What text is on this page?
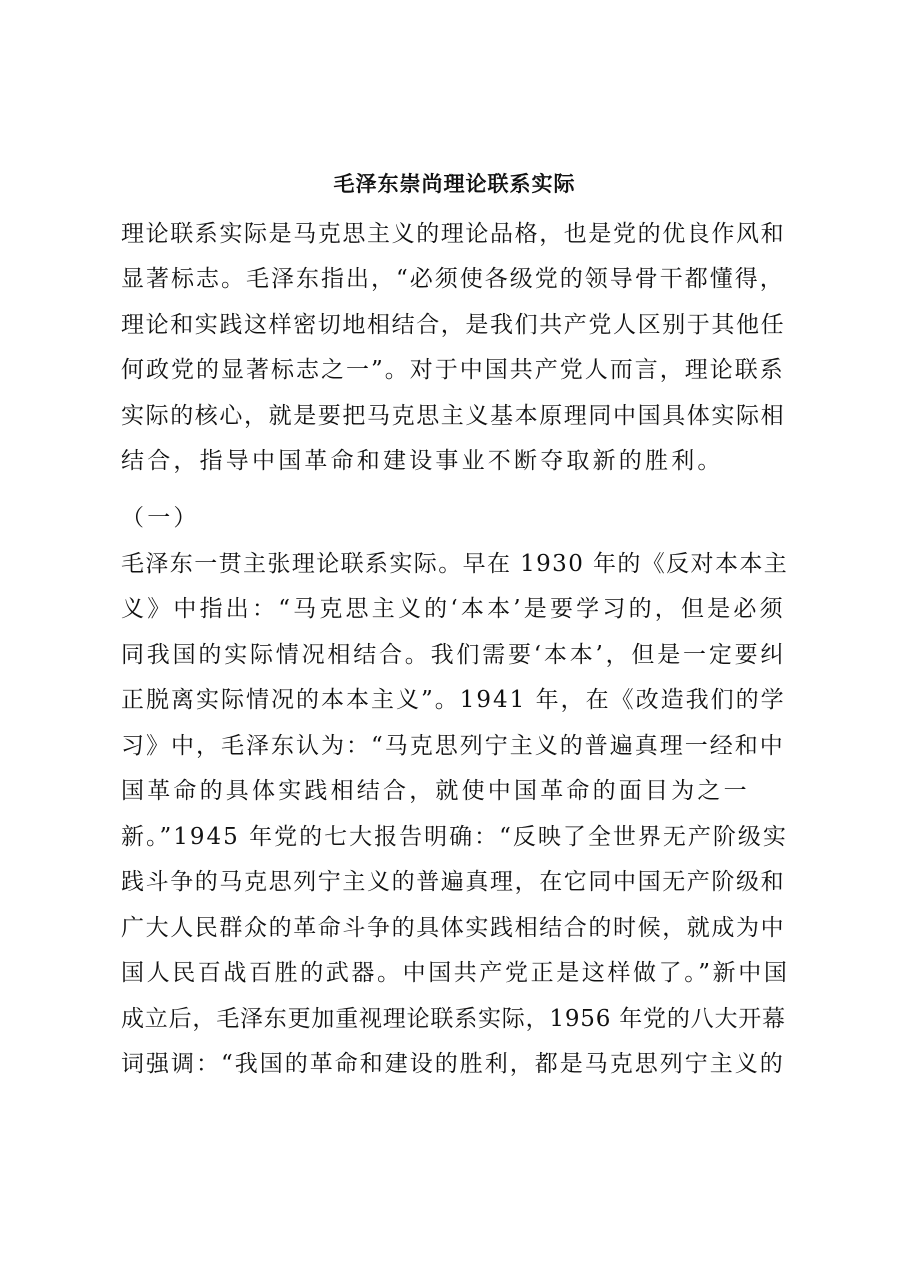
毛泽东崇尚理论联系实际
理论联系实际是马克思主义的理论品格，也是党的优良作风和
显著标志。毛泽东指出，“必须使各级党的领导骨干都懂得，
理论和实践这样密切地相结合，是我们共产党人区别于其他任
何政党的显著标志之一”。对于中国共产党人而言，理论联系
实际的核心，就是要把马克思主义基本原理同中国具体实际相
结合，指导中国革命和建设事业不断夺取新的胜利。
（一）
毛泽东一贯主张理论联系实际。早在 1930 年的《反对本本主
义》中指出：“马克思主义的‘本本’是要学习的，但是必须
同我国的实际情况相结合。我们需要‘本本’，但是一定要纠
正脱离实际情况的本本主义”。1941 年，在《改造我们的学
习》中，毛泽东认为：“马克思列宁主义的普遍真理一经和中
国革命的具体实践相结合，就使中国革命的面目为之一
新。”1945 年党的七大报告明确：“反映了全世界无产阶级实
践斗争的马克思列宁主义的普遍真理，在它同中国无产阶级和
广大人民群众的革命斗争的具体实践相结合的时候，就成为中
国人民百战百胜的武器。中国共产党正是这样做了。”新中国
成立后，毛泽东更加重视理论联系实际，1956 年党的八大开幕
词强调：“我国的革命和建设的胜利，都是马克思列宁主义的
